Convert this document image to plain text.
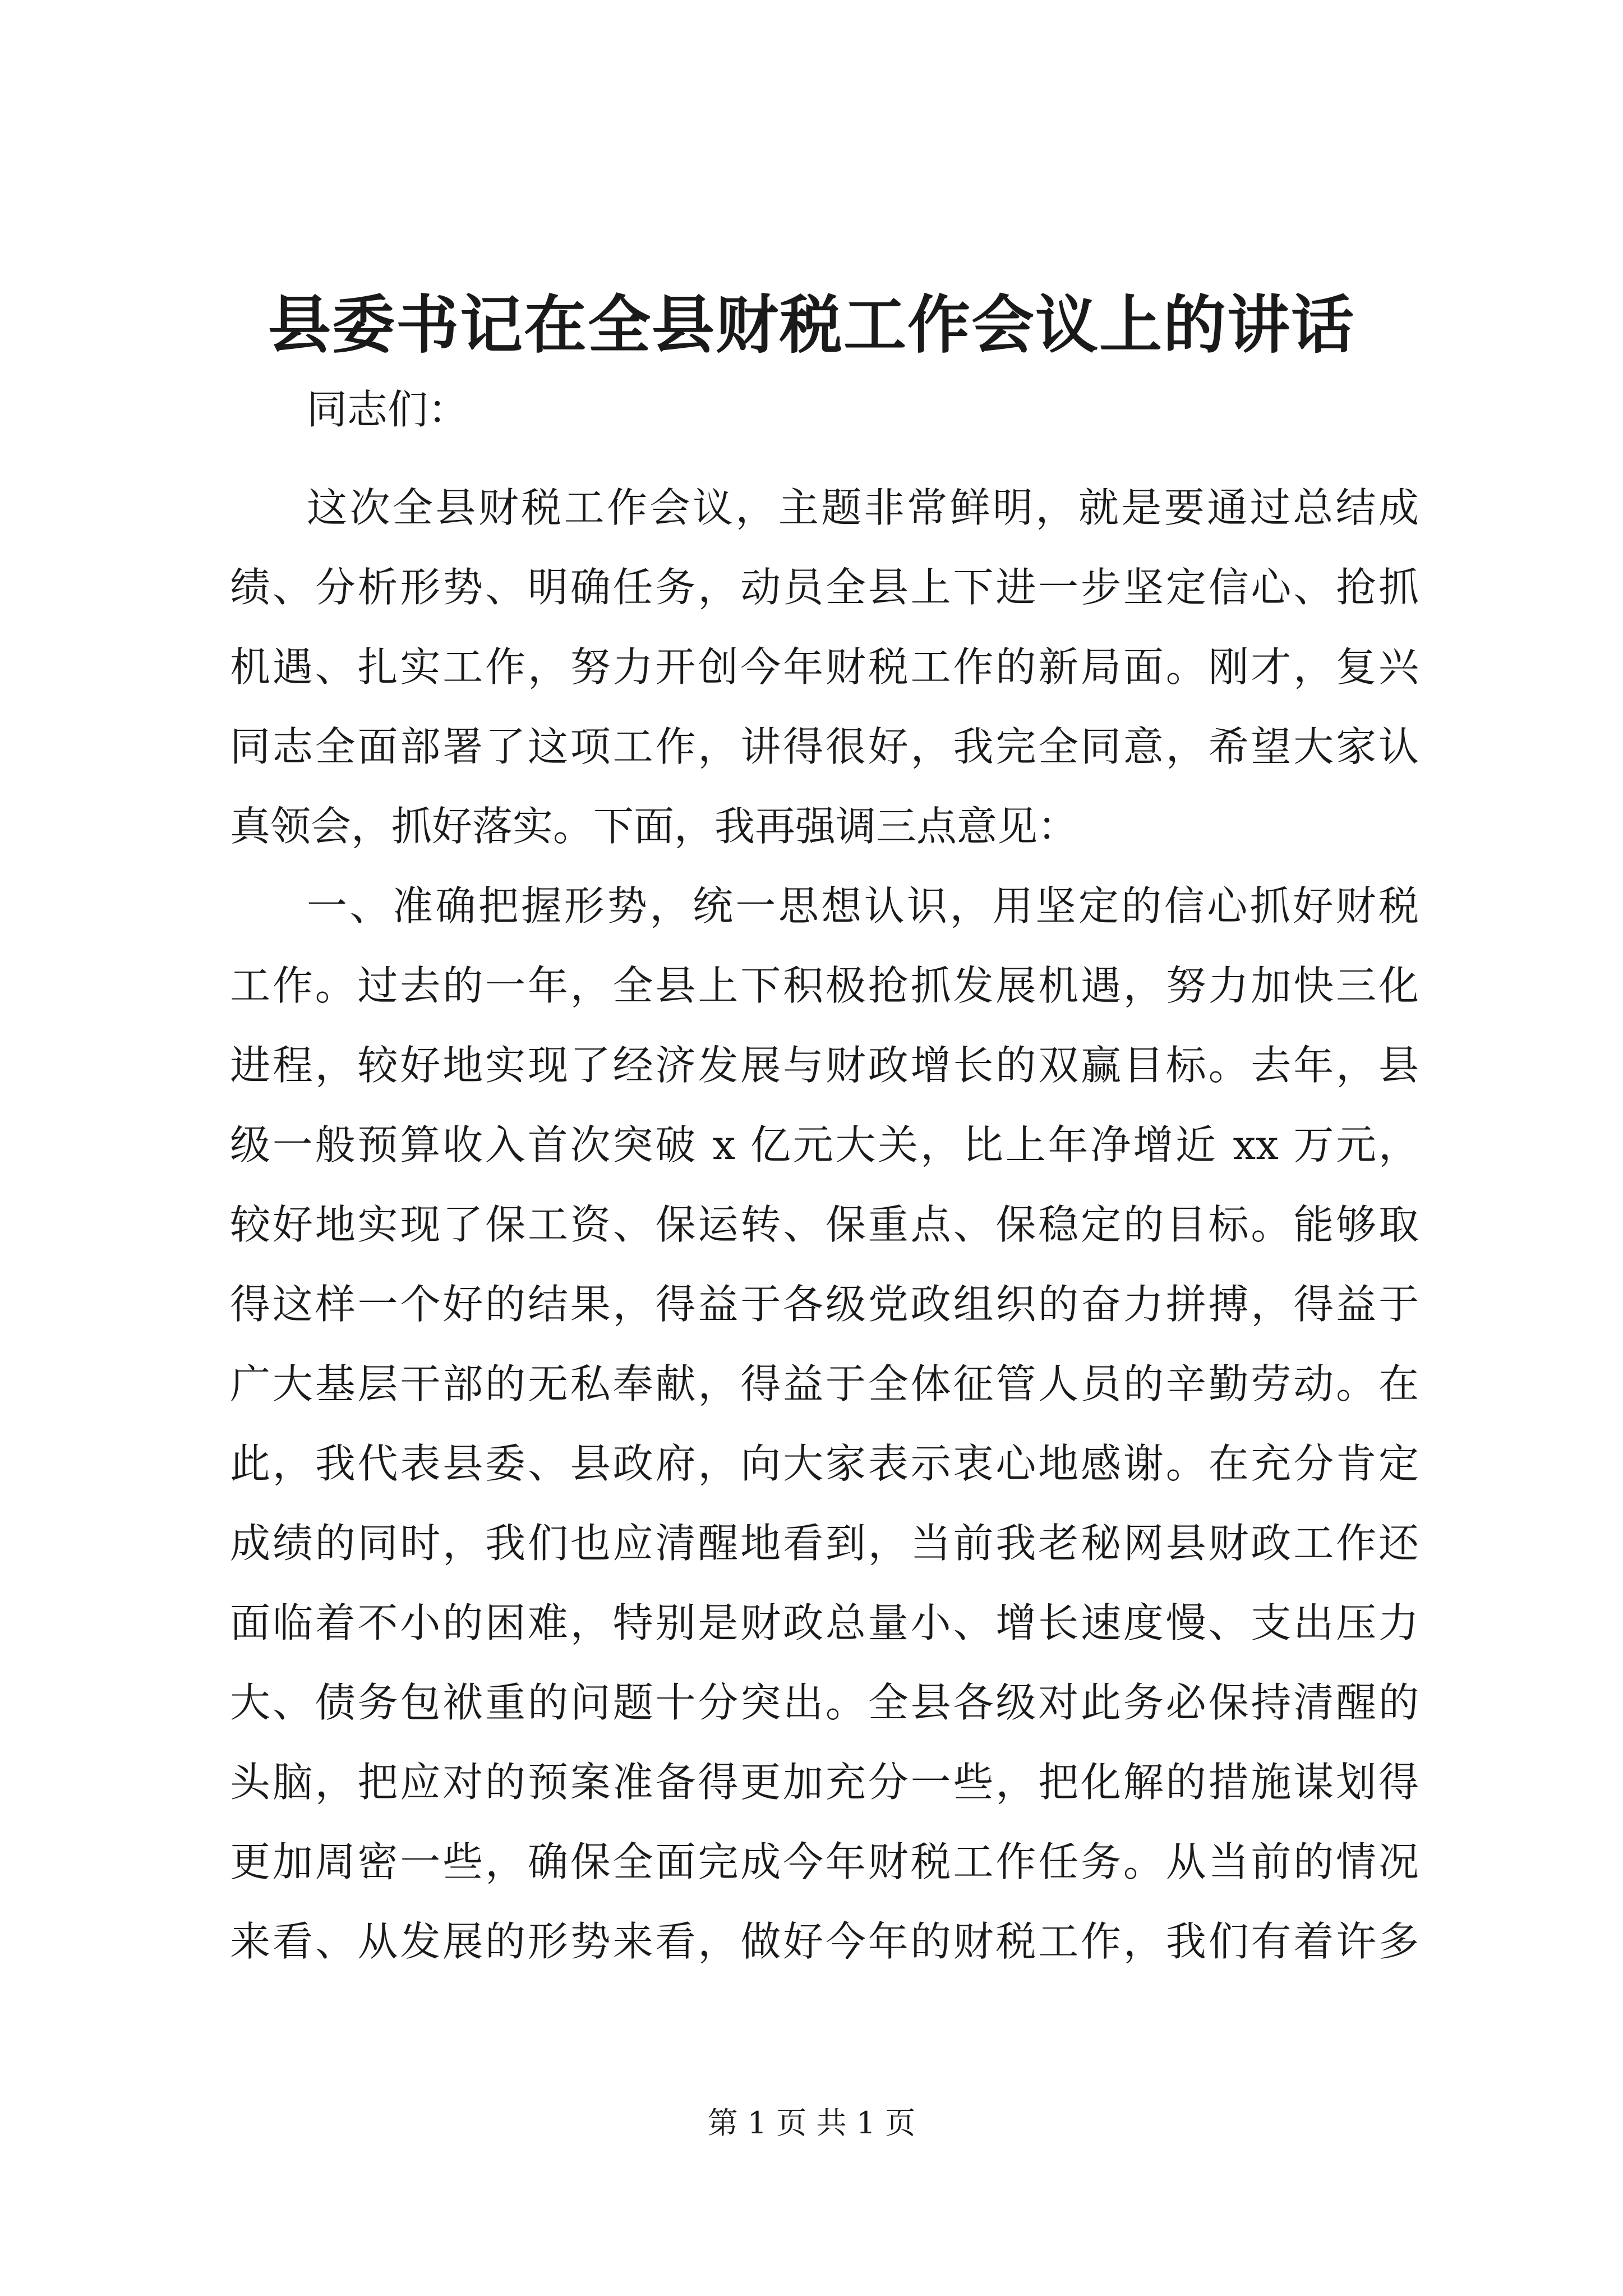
县委书记在全县财税工作会议上的讲话
同志们：
这次全县财税工作会议，主题非常鲜明，就是要通过总结成
绩、分析形势、明确任务，动员全县上下进一步坚定信心、抢抓
机遇、扎实工作，努力开创今年财税工作的新局面。刚才，复兴
同志全面部署了这项工作，讲得很好，我完全同意，希望大家认
真领会，抓好落实。下面，我再强调三点意见：
一、准确把握形势，统一思想认识，用坚定的信心抓好财税
工作。过去的一年，全县上下积极抢抓发展机遇，努力加快三化
进程，较好地实现了经济发展与财政增长的双赢目标。去年，县
级一般预算收入首次突破 x 亿元大关，比上年净增近 xx 万元，
较好地实现了保工资、保运转、保重点、保稳定的目标。能够取
得这样一个好的结果，得益于各级党政组织的奋力拼搏，得益于
广大基层干部的无私奉献，得益于全体征管人员的辛勤劳动。在
此，我代表县委、县政府，向大家表示衷心地感谢。在充分肯定
成绩的同时，我们也应清醒地看到，当前我老秘网县财政工作还
面临着不小的困难，特别是财政总量小、增长速度慢、支出压力
大、债务包袱重的问题十分突出。全县各级对此务必保持清醒的
头脑，把应对的预案准备得更加充分一些，把化解的措施谋划得
更加周密一些，确保全面完成今年财税工作任务。从当前的情况
来看、从发展的形势来看，做好今年的财税工作，我们有着许多
第 1 页 共 1 页
